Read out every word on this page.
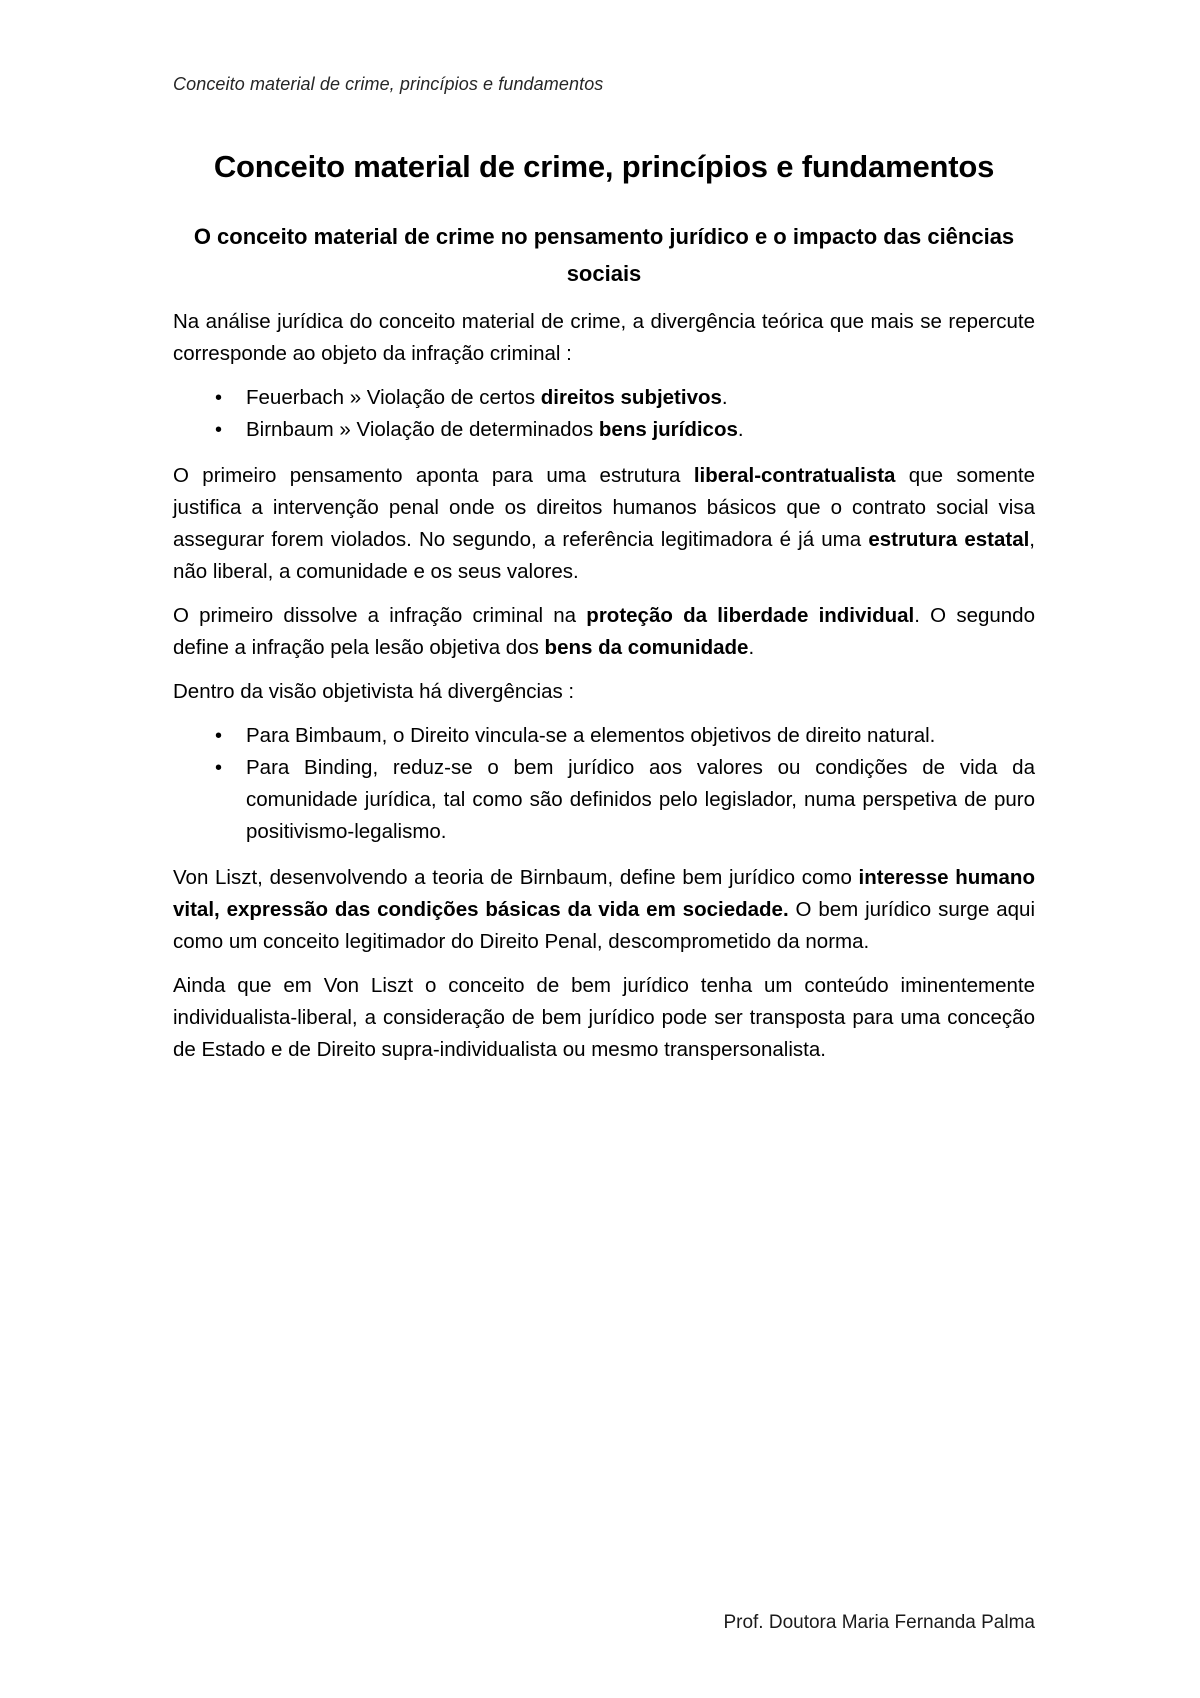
Conceito material de crime, princípios e fundamentos
Conceito material de crime, princípios e fundamentos
O conceito material de crime no pensamento jurídico e o impacto das ciências sociais

Na análise jurídica do conceito material de crime, a divergência teórica que mais se repercute corresponde ao objeto da infração criminal :

• Feuerbach » Violação de certos direitos subjetivos.
• Birnbaum » Violação de determinados bens jurídicos.

O primeiro pensamento aponta para uma estrutura liberal-contratualista que somente justifica a intervenção penal onde os direitos humanos básicos que o contrato social visa assegurar forem violados. No segundo, a referência legitimadora é já uma estrutura estatal, não liberal, a comunidade e os seus valores.

O primeiro dissolve a infração criminal na proteção da liberdade individual. O segundo define a infração pela lesão objetiva dos bens da comunidade.

Dentro da visão objetivista há divergências :

• Para Bimbaum, o Direito vincula-se a elementos objetivos de direito natural.
• Para Binding, reduz-se o bem jurídico aos valores ou condições de vida da comunidade jurídica, tal como são definidos pelo legislador, numa perspetiva de puro positivismo-legalismo.

Von Liszt, desenvolvendo a teoria de Birnbaum, define bem jurídico como interesse humano vital, expressão das condições básicas da vida em sociedade. O bem jurídico surge aqui como um conceito legitimador do Direito Penal, descomprometido da norma.

Ainda que em Von Liszt o conceito de bem jurídico tenha um conteúdo iminentemente individualista-liberal, a consideração de bem jurídico pode ser transposta para uma conceção de Estado e de Direito supra-individualista ou mesmo transpersonalista.

Prof. Doutora Maria Fernanda Palma
